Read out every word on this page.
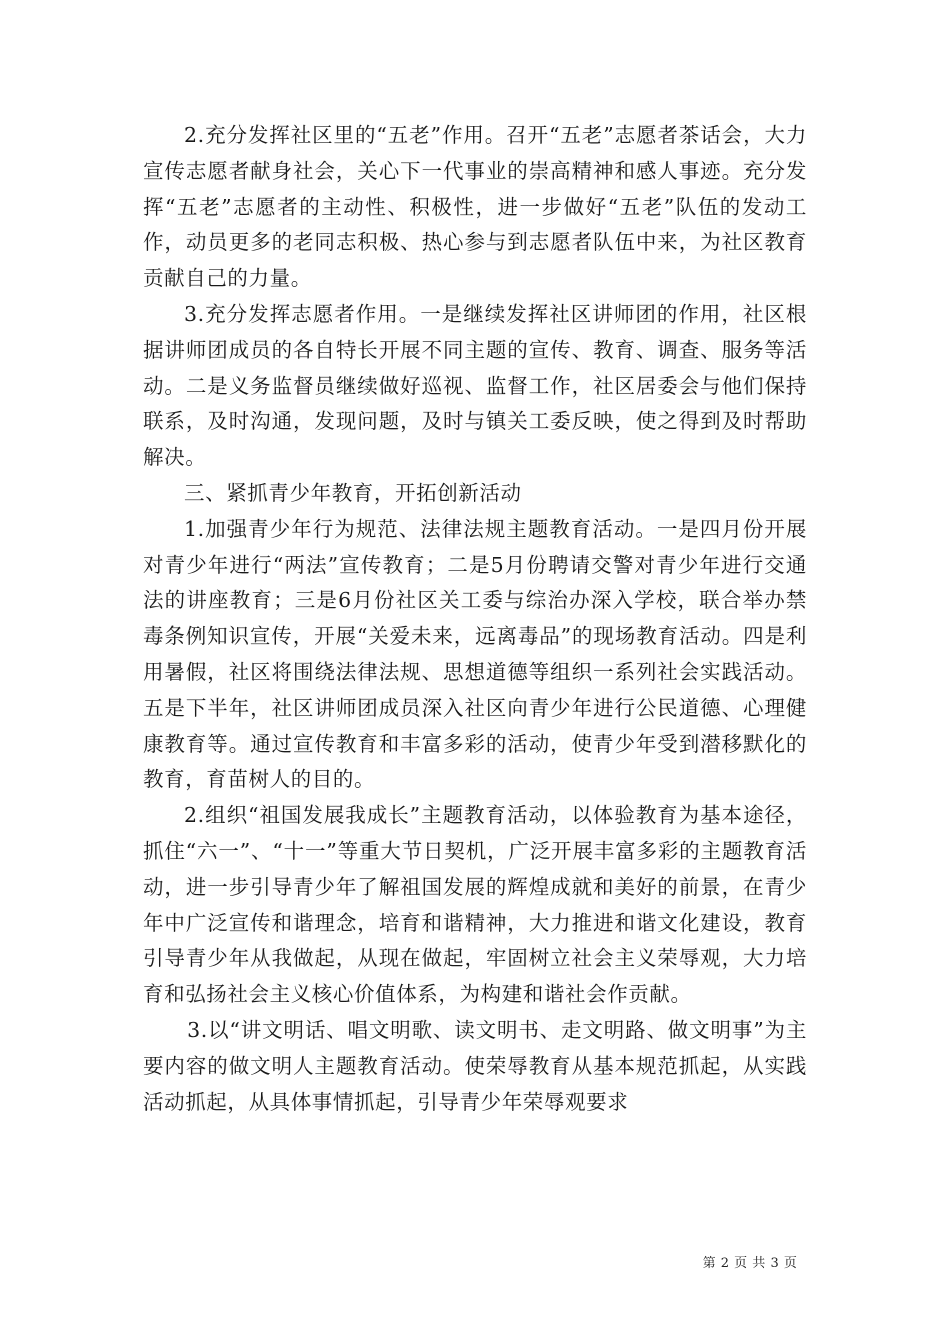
2.充分发挥社区里的“五老”作用。召开“五老”志愿者茶话会，大力宣传志愿者献身社会，关心下一代事业的崇高精神和感人事迹。充分发挥“五老”志愿者的主动性、积极性，进一步做好“五老”队伍的发动工作，动员更多的老同志积极、热心参与到志愿者队伍中来，为社区教育贡献自己的力量。

3.充分发挥志愿者作用。一是继续发挥社区讲师团的作用，社区根据讲师团成员的各自特长开展不同主题的宣传、教育、调查、服务等活动。二是义务监督员继续做好巡视、监督工作，社区居委会与他们保持联系，及时沟通，发现问题，及时与镇关工委反映，使之得到及时帮助解决。

三、紧抓青少年教育，开拓创新活动

1.加强青少年行为规范、法律法规主题教育活动。一是四月份开展对青少年进行“两法”宣传教育；二是5月份聘请交警对青少年进行交通法的讲座教育；三是6月份社区关工委与综治办深入学校，联合举办禁毒条例知识宣传，开展“关爱未来，远离毒品”的现场教育活动。四是利用暑假，社区将围绕法律法规、思想道德等组织一系列社会实践活动。五是下半年，社区讲师团成员深入社区向青少年进行公民道德、心理健康教育等。通过宣传教育和丰富多彩的活动，使青少年受到潜移默化的教育，育苗树人的目的。

2.组织“祖国发展我成长”主题教育活动，以体验教育为基本途径，抓住“六一”、“十一”等重大节日契机，广泛开展丰富多彩的主题教育活动，进一步引导青少年了解祖国发展的辉煌成就和美好的前景，在青少年中广泛宣传和谐理念，培育和谐精神，大力推进和谐文化建设，教育引导青少年从我做起，从现在做起，牢固树立社会主义荣辱观，大力培育和弘扬社会主义核心价值体系，为构建和谐社会作贡献。

3.以“讲文明话、唱文明歌、读文明书、走文明路、做文明事”为主要内容的做文明人主题教育活动。使荣辱教育从基本规范抓起，从实践活动抓起，从具体事情抓起，引导青少年荣辱观要求

第 2 页 共 3 页
